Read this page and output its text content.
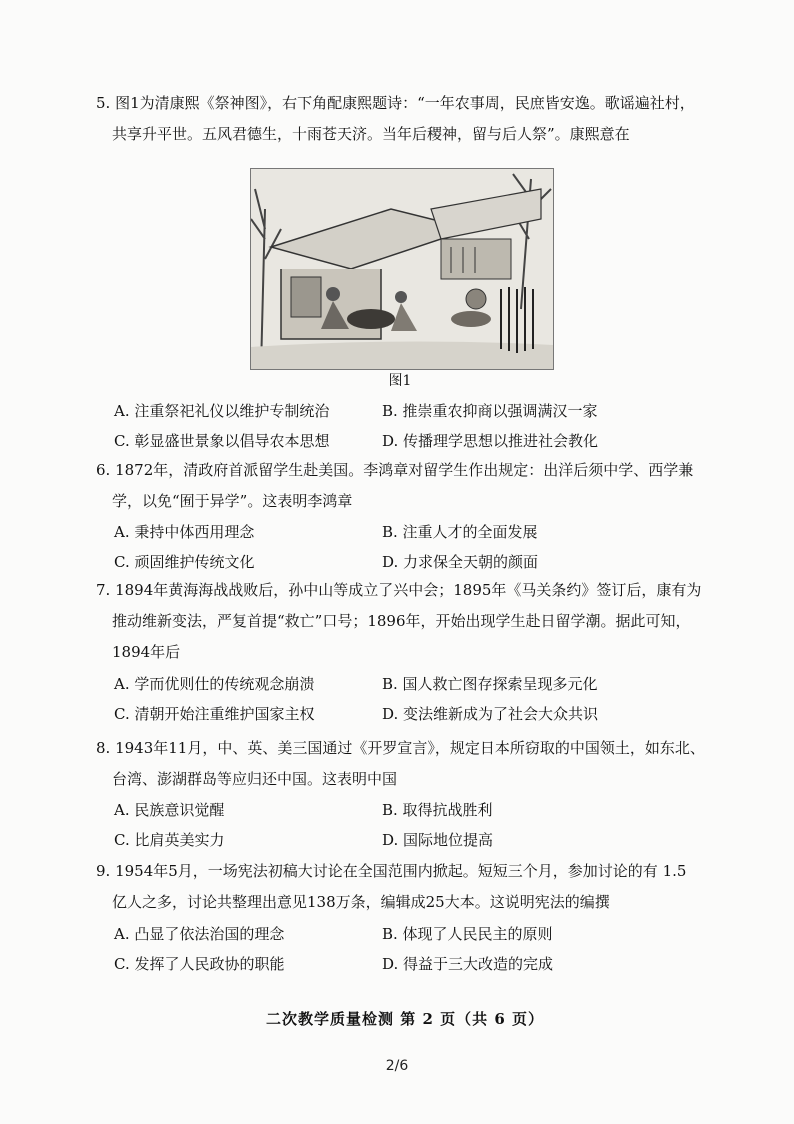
5. 图1为清康熙《祭神图》，右下角配康熙题诗：“一年农事周，民庶皆安逸。歌谣遍社村，

共享升平世。五风君德生，十雨苍天济。当年后稷神，留与后人祭”。康熙意在

图1
A. 注重祭祀礼仪以维护专制统治	B. 推崇重农抑商以强调满汉一家
C. 彰显盛世景象以倡导农本思想	D. 传播理学思想以推进社会教化

6. 1872年，清政府首派留学生赴美国。李鸿章对留学生作出规定：出洋后须中学、西学兼

学，以免“囿于异学”。这表明李鸿章

A. 秉持中体西用理念	B. 注重人才的全面发展
C. 顽固维护传统文化	D. 力求保全天朝的颜面

7. 1894年黄海海战战败后，孙中山等成立了兴中会；1895年《马关条约》签订后，康有为

推动维新变法，严复首提“救亡”口号；1896年，开始出现学生赴日留学潮。据此可知，

1894年后

A. 学而优则仕的传统观念崩溃	B. 国人救亡图存探索呈现多元化
C. 清朝开始注重维护国家主权	D. 变法维新成为了社会大众共识

8. 1943年11月，中、英、美三国通过《开罗宣言》，规定日本所窃取的中国领土，如东北、

台湾、澎湖群岛等应归还中国。这表明中国

A. 民族意识觉醒	B. 取得抗战胜利
C. 比肩英美实力	D. 国际地位提高

9. 1954年5月，一场宪法初稿大讨论在全国范围内掀起。短短三个月，参加讨论的有 1.5

亿人之多，讨论共整理出意见138万条，编辑成25大本。这说明宪法的编撰

A. 凸显了依法治国的理念	B. 体现了人民民主的原则
C. 发挥了人民政协的职能	D. 得益于三大改造的完成
二次教学质量检测 第 2 页（共 6 页）
2/6
